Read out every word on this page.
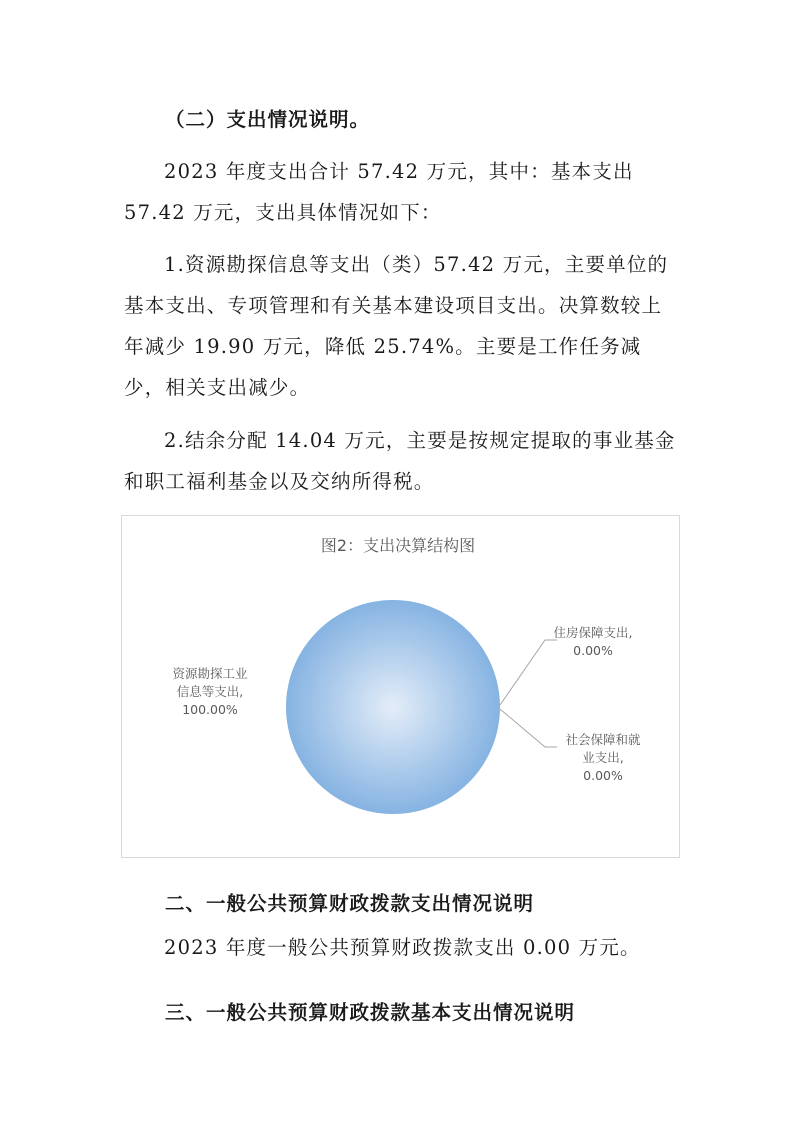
（二）支出情况说明。

2023 年度支出合计 57.42 万元，其中：基本支出 57.42 万元，支出具体情况如下：

1.资源勘探信息等支出（类）57.42 万元，主要单位的基本支出、专项管理和有关基本建设项目支出。决算数较上年减少 19.90 万元，降低 25.74%。主要是工作任务减少，相关支出减少。

2.结余分配 14.04 万元，主要是按规定提取的事业基金和职工福利基金以及交纳所得税。

图2：支出决算结构图
资源勘探工业信息等支出, 100.00%
住房保障支出, 0.00%
社会保障和就业支出, 0.00%
二、一般公共预算财政拨款支出情况说明

2023 年度一般公共预算财政拨款支出 0.00 万元。

三、一般公共预算财政拨款基本支出情况说明
